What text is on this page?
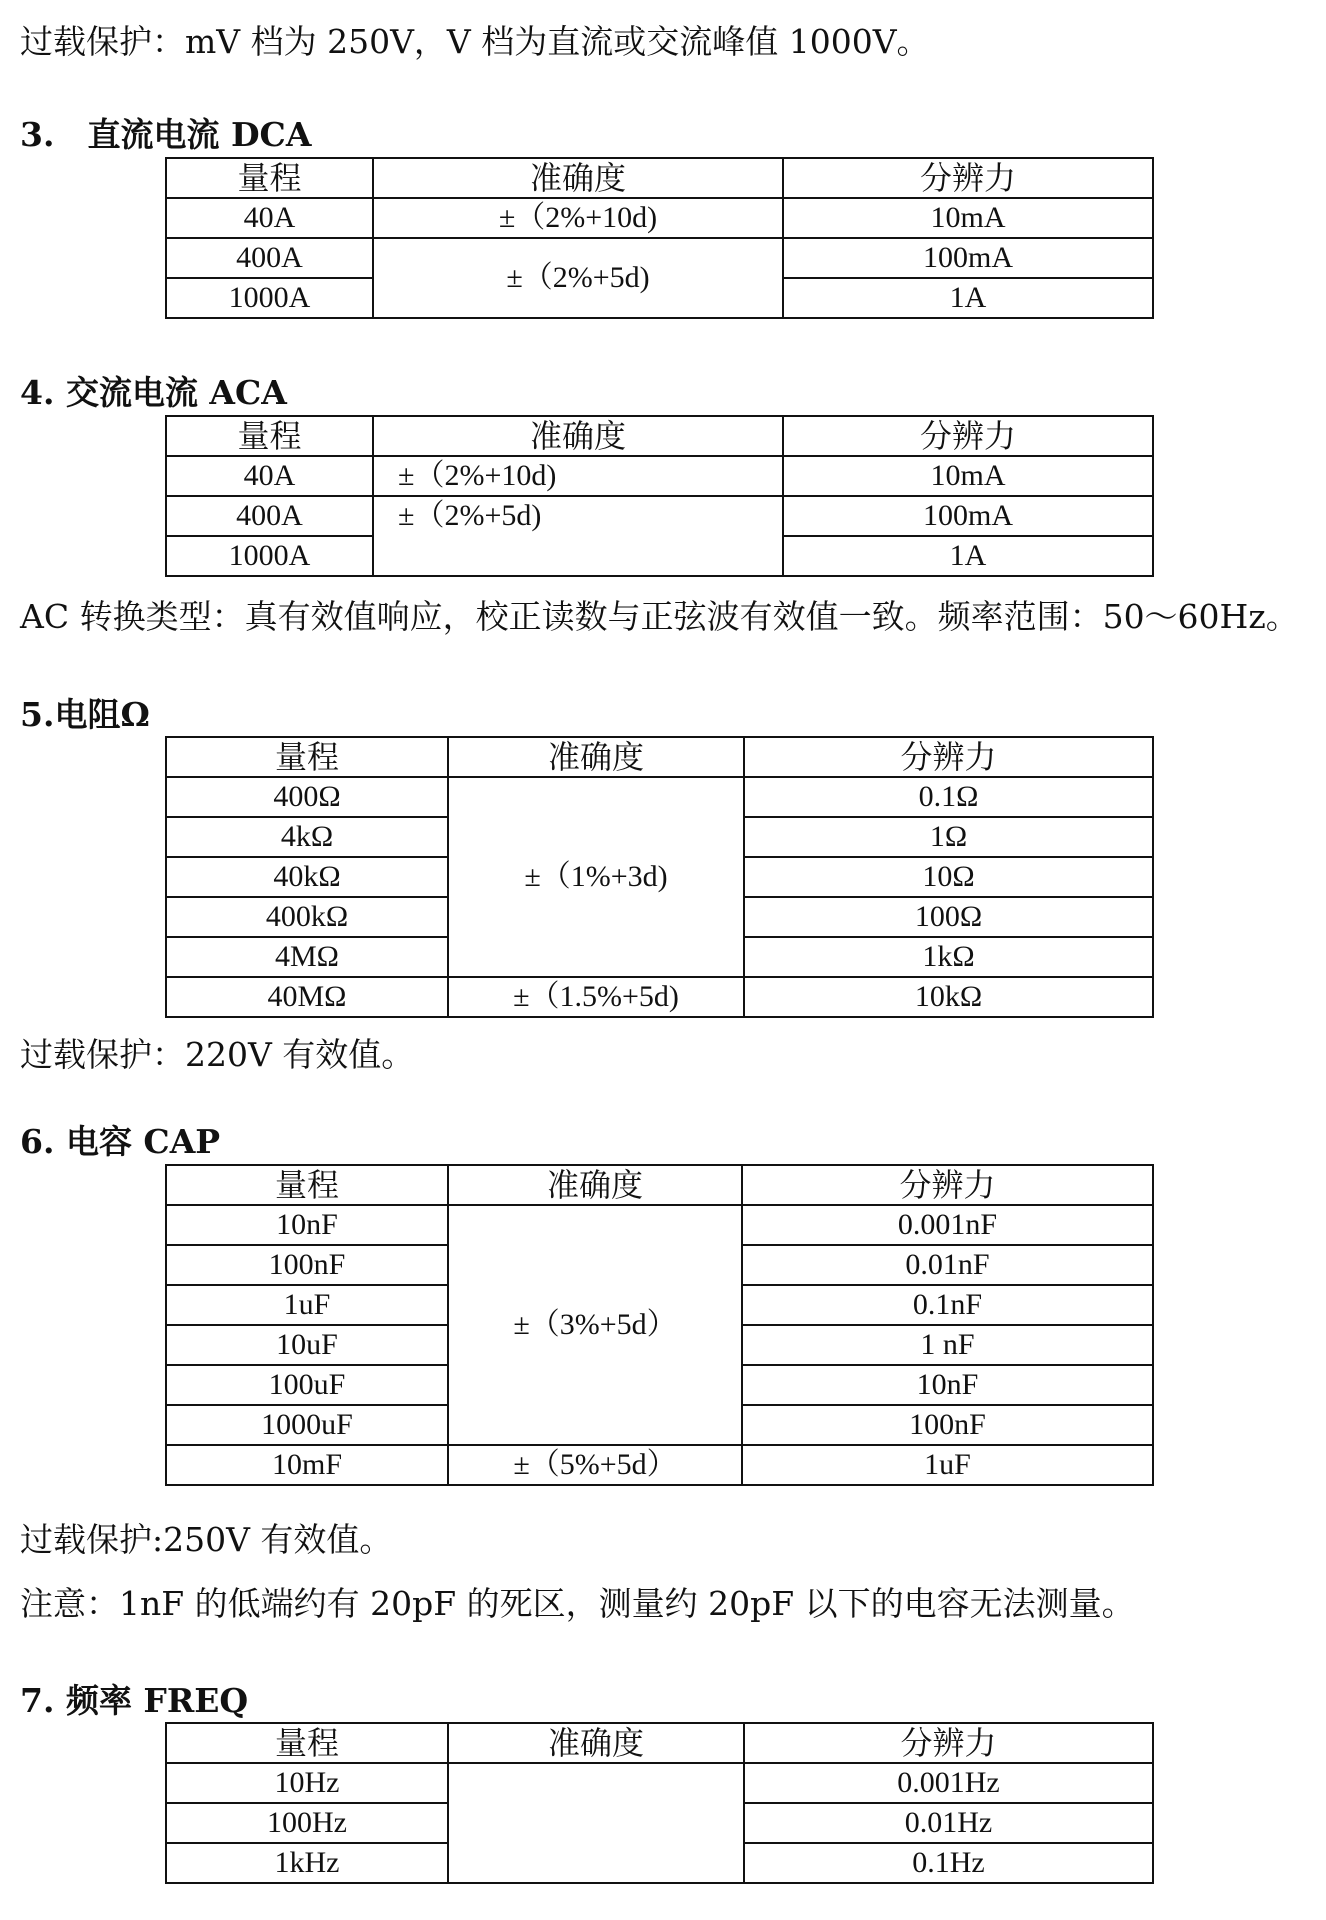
过载保护：mV 档为 250V，V 档为直流或交流峰值 1000V。
3.　直流电流 DCA
量程	准确度	分辨力
40A	±（2%+10d)	10mA
400A	±（2%+5d)	100mA
1000A		1A
4. 交流电流 ACA
量程	准确度	分辨力
40A	±（2%+10d)	10mA
400A	±（2%+5d)	100mA
1000A		1A
AC 转换类型：真有效值响应，校正读数与正弦波有效值一致。频率范围：50～60Hz。
5.电阻Ω
量程	准确度	分辨力
400Ω	±（1%+3d)	0.1Ω
4kΩ		1Ω
40kΩ		10Ω
400kΩ		100Ω
4MΩ		1kΩ
40MΩ	±（1.5%+5d)	10kΩ
过载保护：220V 有效值。
6. 电容 CAP
量程	准确度	分辨力
10nF	±（3%+5d）	0.001nF
100nF		0.01nF
1uF		0.1nF
10uF		1 nF
100uF		10nF
1000uF		100nF
10mF	±（5%+5d）	1uF
过载保护:250V 有效值。
注意：1nF 的低端约有 20pF 的死区，测量约 20pF 以下的电容无法测量。
7. 频率 FREQ
量程	准确度	分辨力
10Hz		0.001Hz
100Hz		0.01Hz
1kHz		0.1Hz
